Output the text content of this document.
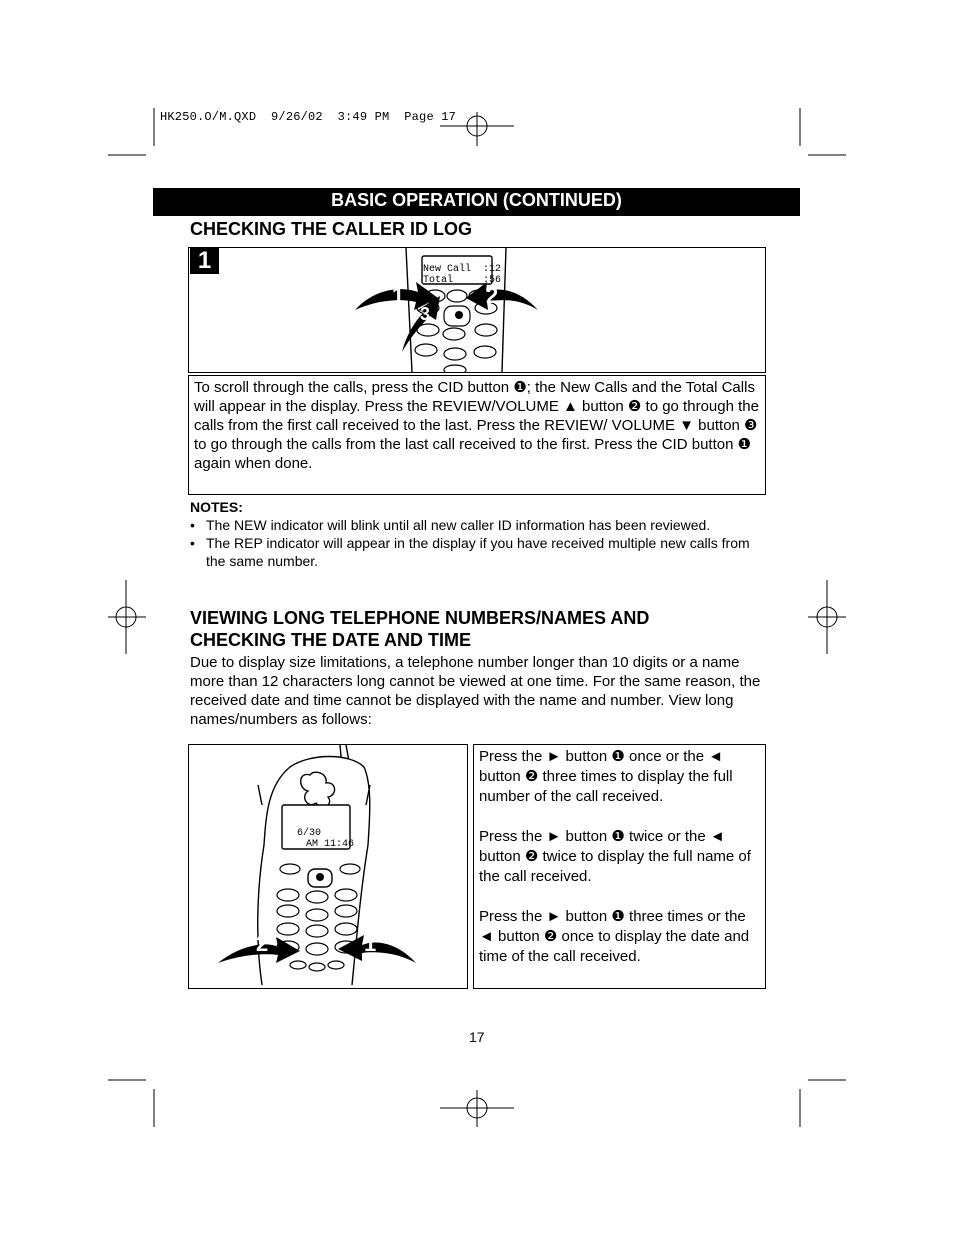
HK250.O/M.QXD  9/26/02  3:49 PM  Page 17
BASIC OPERATION (CONTINUED)
CHECKING THE CALLER ID LOG
1	New Call  :12
Total     :56
1	2
3
To scroll through the calls, press the CID button ❶; the New Calls and the Total Calls will appear in the display. Press the REVIEW/VOLUME ▲ button ❷ to go through the calls from the first call received to the last. Press the REVIEW/ VOLUME ▼ button ❸ to go through the calls from the last call received to the first. Press the CID button ❶ again when done.
NOTES:
• The NEW indicator will blink until all new caller ID information has been reviewed.
• The REP indicator will appear in the display if you have received multiple new calls from the same number.
VIEWING LONG TELEPHONE NUMBERS/NAMES AND
CHECKING THE DATE AND TIME
Due to display size limitations, a telephone number longer than 10 digits or a name more than 12 characters long cannot be viewed at one time. For the same reason, the received date and time cannot be displayed with the name and number. View long names/numbers as follows:
6/30
AM 11:46
2	1

Press the ► button ❶ once or the ◄ button ❷ three times to display the full number of the call received.

Press the ► button ❶ twice or the ◄ button ❷ twice to display the full name of the call received.

Press the ► button ❶ three times or the ◄ button ❷ once to display the date and time of the call received.

17
